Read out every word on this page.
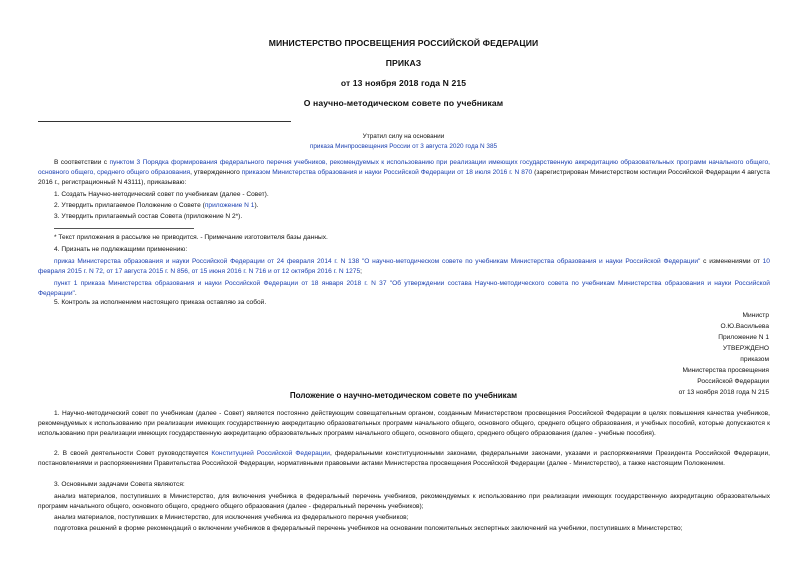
МИНИСТЕРСТВО ПРОСВЕЩЕНИЯ РОССИЙСКОЙ ФЕДЕРАЦИИ
ПРИКАЗ
от 13 ноября 2018 года N 215
О научно-методическом совете по учебникам
Утратил силу на основании
приказа Минпросвещения России от 3 августа 2020 года N 385
В соответствии с пунктом 3 Порядка формирования федерального перечня учебников, рекомендуемых к использованию при реализации имеющих государственную аккредитацию образовательных программ начального общего, основного общего, среднего общего образования, утвержденного приказом Министерства образования и науки Российской Федерации от 18 июля 2016 г. N 870 (зарегистрирован Министерством юстиции Российской Федерации 4 августа 2016 г., регистрационный N 43111), приказываю:
1. Создать Научно-методический совет по учебникам (далее - Совет).
2. Утвердить прилагаемое Положение о Совете (приложение N 1).
3. Утвердить прилагаемый состав Совета (приложение N 2*).
* Текст приложения в рассылке не приводится. - Примечание изготовителя базы данных.
4. Признать не подлежащими применению:
приказ Министерства образования и науки Российской Федерации от 24 февраля 2014 г. N 138 "О научно-методическом совете по учебникам Министерства образования и науки Российской Федерации" с изменениями от 10 февраля 2015 г. N 72, от 17 августа 2015 г. N 856, от 15 июня 2016 г. N 716 и от 12 октября 2016 г. N 1275;
пункт 1 приказа Министерства образования и науки Российской Федерации от 18 января 2018 г. N 37 "Об утверждении состава Научно-методического совета по учебникам Министерства образования и науки Российской Федерации".
5. Контроль за исполнением настоящего приказа оставляю за собой.
Министр
О.Ю.Васильева
Приложение N 1
УТВЕРЖДЕНО
приказом
Министерства просвещения
Российской Федерации
от 13 ноября 2018 года N 215
Положение о научно-методическом совете по учебникам
1. Научно-методический совет по учебникам (далее - Совет) является постоянно действующим совещательным органом, созданным Министерством просвещения Российской Федерации в целях повышения качества учебников, рекомендуемых к использованию при реализации имеющих государственную аккредитацию образовательных программ начального общего, основного общего, среднего общего образования, и учебных пособий, которые допускаются к использованию при реализации имеющих государственную аккредитацию образовательных программ начального общего, основного общего, среднего общего образования (далее - учебные пособия).
2. В своей деятельности Совет руководствуется Конституцией Российской Федерации, федеральными конституционными законами, федеральными законами, указами и распоряжениями Президента Российской Федерации, постановлениями и распоряжениями Правительства Российской Федерации, нормативными правовыми актами Министерства просвещения Российской Федерации (далее - Министерство), а также настоящим Положением.
3. Основными задачами Совета являются:
анализ материалов, поступивших в Министерство, для включения учебника в федеральный перечень учебников, рекомендуемых к использованию при реализации имеющих государственную аккредитацию образовательных программ начального общего, основного общего, среднего общего образования (далее - федеральный перечень учебников);
анализ материалов, поступивших в Министерство, для исключения учебника из федерального перечня учебников;
подготовка решений в форме рекомендаций о включении учебников в федеральный перечень учебников на основании положительных экспертных заключений на учебники, поступивших в Министерство;
